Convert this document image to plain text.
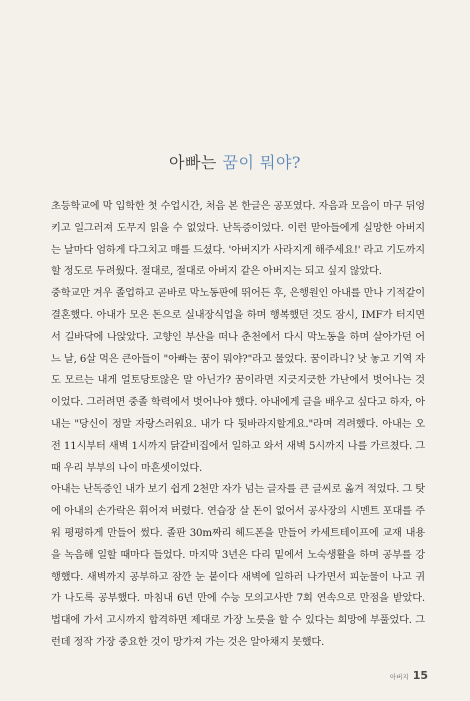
아빠는 꿈이 뭐야?

초등학교에 막 입학한 첫 수업시간, 처음 본 한글은 공포였다. 자음과 모음이 마구 뒤엉키고 일그러져 도무지 읽을 수 없었다. 난독증이었다. 이런 맏아들에게 실망한 아버지는 날마다 엄하게 다그치고 매를 드셨다. '아버지가 사라지게 해주세요!' 라고 기도까지 할 정도로 두려웠다. 절대로, 절대로 아버지 같은 아버지는 되고 싶지 않았다.

중학교만 겨우 졸업하고 곧바로 막노동판에 뛰어든 후, 은행원인 아내를 만나 기적같이 결혼했다. 아내가 모은 돈으로 실내장식업을 하며 행복했던 것도 잠시, IMF가 터지면서 길바닥에 나앉았다. 고향인 부산을 떠나 춘천에서 다시 막노동을 하며 살아가던 어느 날, 6살 먹은 큰아들이 "아빠는 꿈이 뭐야?"라고 물었다. 꿈이라니? 낫 놓고 기역 자도 모르는 내게 얼토당토않은 말 아닌가? 꿈이라면 지긋지긋한 가난에서 벗어나는 것이었다. 그러려면 중졸 학력에서 벗어나야 했다. 아내에게 글을 배우고 싶다고 하자, 아내는 "당신이 정말 자랑스러워요. 내가 다 뒷바라지할게요."라며 격려했다. 아내는 오전 11시부터 새벽 1시까지 닭갈비집에서 일하고 와서 새벽 5시까지 나를 가르쳤다. 그때 우리 부부의 나이 마흔셋이었다.

아내는 난독증인 내가 보기 쉽게 2천만 자가 넘는 글자를 큰 글씨로 옮겨 적었다. 그 탓에 아내의 손가락은 휘어져 버렸다. 연습장 살 돈이 없어서 공사장의 시멘트 포대를 주워 평평하게 만들어 썼다. 졸판 30m짜리 헤드폰을 만들어 카세트테이프에 교재 내용을 녹음해 일할 때마다 들었다. 마지막 3년은 다리 밑에서 노숙생활을 하며 공부를 강행했다. 새벽까지 공부하고 잠깐 눈 붙이다 새벽에 일하러 나가면서 피눈물이 나고 귀가 나도록 공부했다. 마침내 6년 만에 수능 모의고사반 7회 연속으로 만점을 받았다. 법대에 가서 고시까지 합격하면 제대로 가장 노릇을 할 수 있다는 희망에 부풀었다. 그런데 정작 가장 중요한 것이 망가져 가는 것은 알아채지 못했다.

아버지 15
